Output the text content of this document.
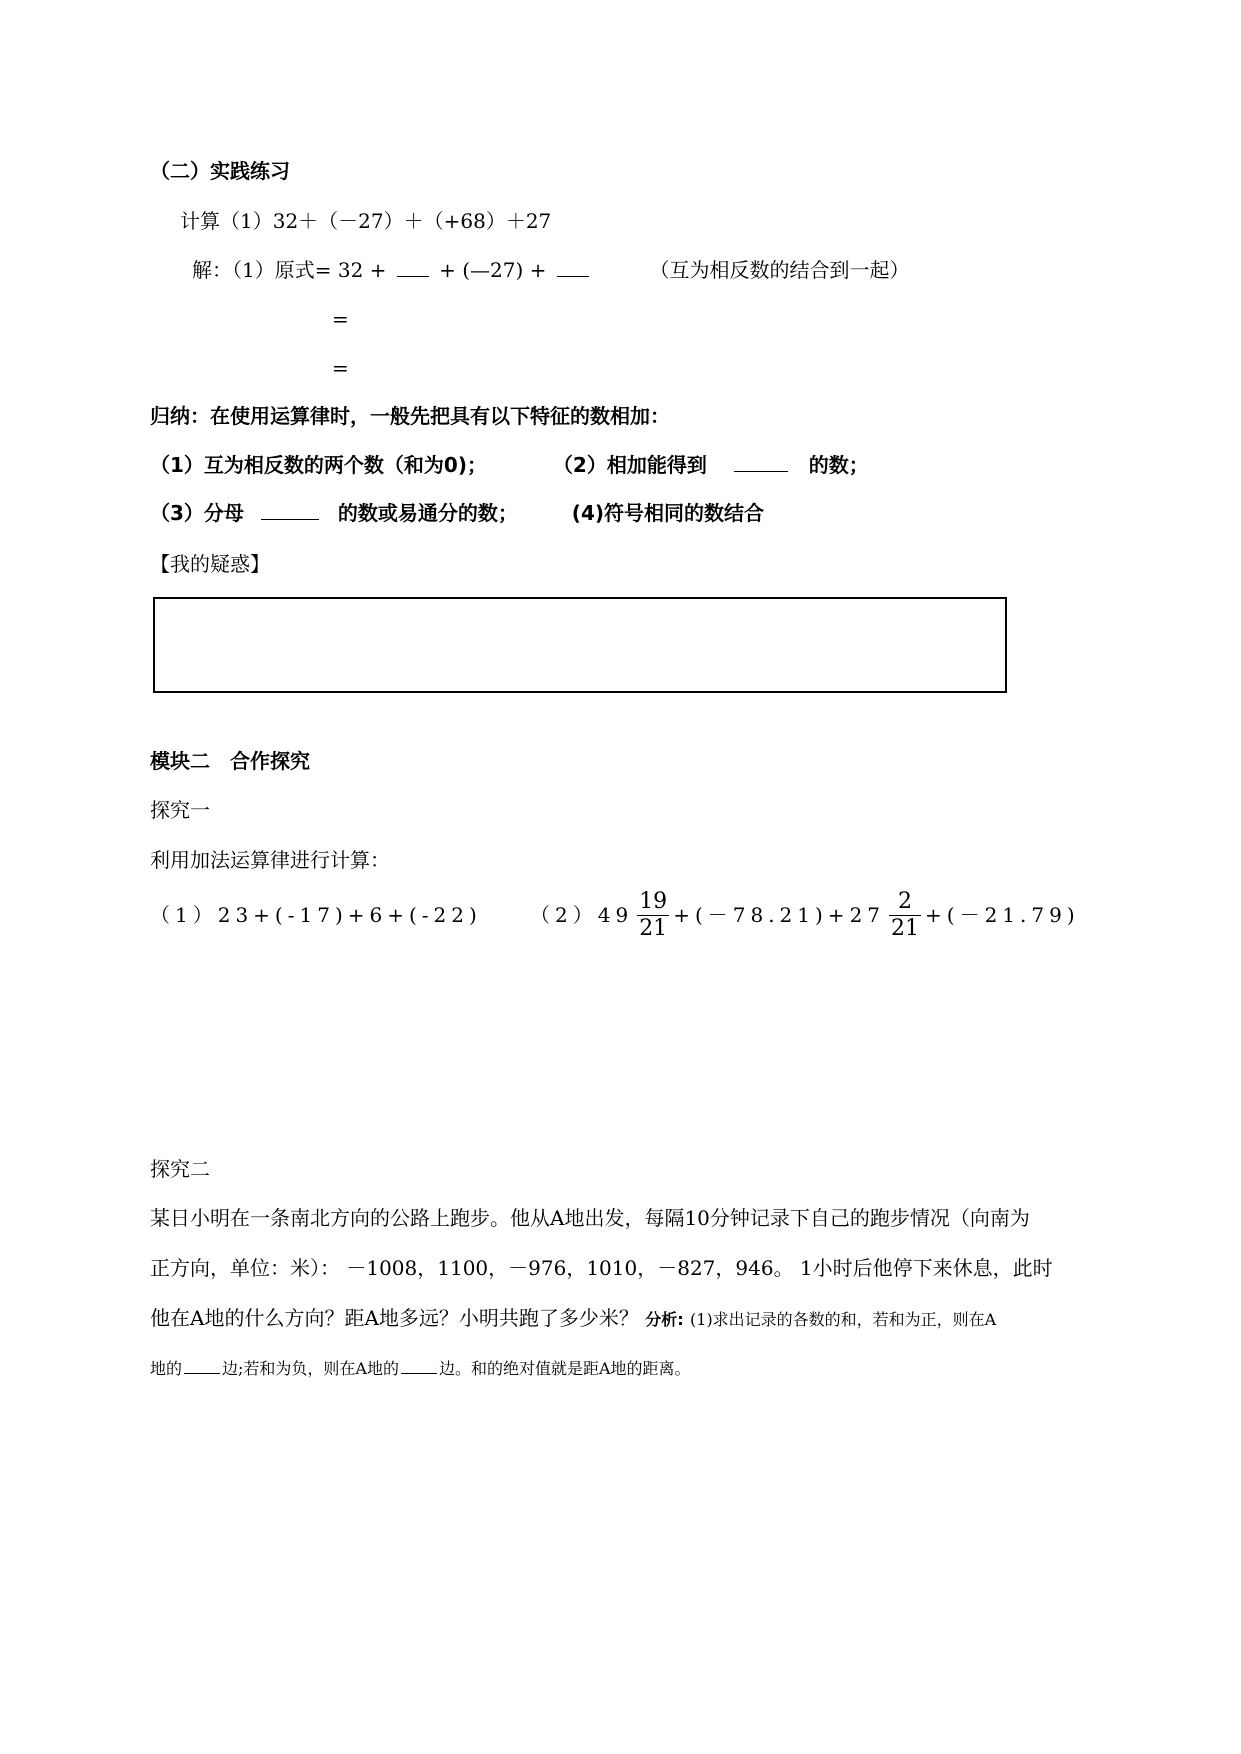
（二）实践练习
计算（1）32＋（－27）＋（+68）＋27
解：（1）原式= 32 +	+ (—27) +	（互为相反数的结合到一起）
=
=
归纳：在使用运算律时，一般先把具有以下特征的数相加：
（1）互为相反数的两个数（和为0)；	（2）相加能得到	的数；
（3）分母	的数或易通分的数；	(4)符号相同的数结合
【我的疑惑】
模块二　合作探究
探究一
利用加法运算律进行计算：
（1）23+(-17)+6+(-22) $(2)49 \frac{19}{21} +(-78.21)+27 \frac{2}{21} +(-21.79)$
探究二
某日小明在一条南北方向的公路上跑步。他从A地出发，每隔10分钟记录下自己的跑步情况（向南为
正方向，单位：米）： －1008，1100，－976，1010，－827，946。 1小时后他停下来休息，此时
他在A地的什么方向？距A地多远？小明共跑了多少米？ 分析: (1)求出记录的各数的和，若和为正，则在A
地的	边;若和为负，则在A地的	边。和的绝对值就是距A地的距离。
